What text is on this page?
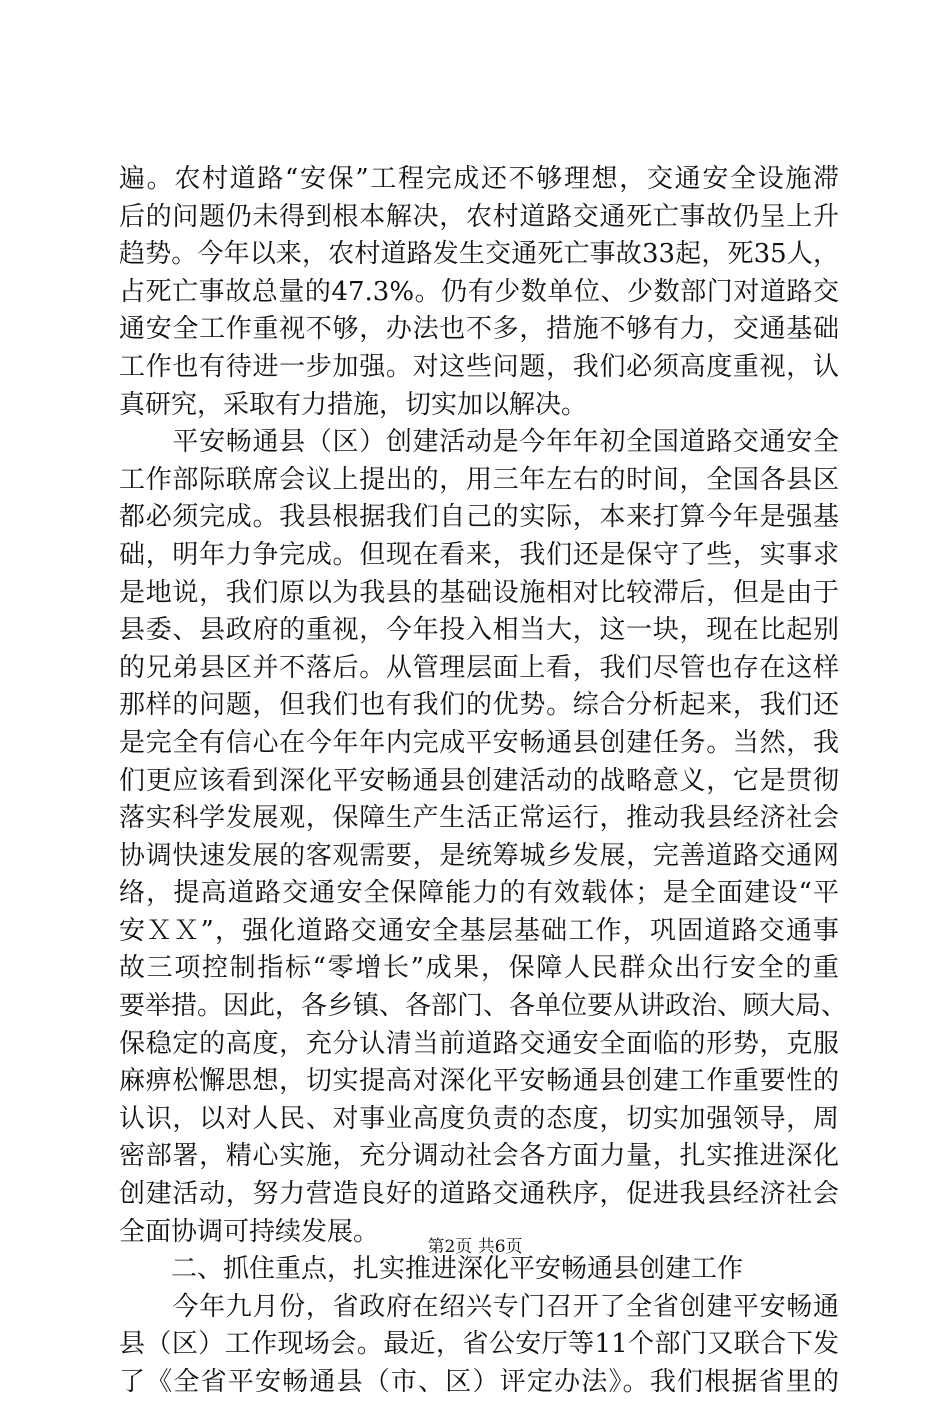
遍。农村道路“安保”工程完成还不够理想，交通安全设施滞
后的问题仍未得到根本解决，农村道路交通死亡事故仍呈上升
趋势。今年以来，农村道路发生交通死亡事故33起，死35人，
占死亡事故总量的47.3%。仍有少数单位、少数部门对道路交
通安全工作重视不够，办法也不多，措施不够有力，交通基础
工作也有待进一步加强。对这些问题，我们必须高度重视，认
真研究，采取有力措施，切实加以解决。
　　平安畅通县（区）创建活动是今年年初全国道路交通安全
工作部际联席会议上提出的，用三年左右的时间，全国各县区
都必须完成。我县根据我们自己的实际，本来打算今年是强基
础，明年力争完成。但现在看来，我们还是保守了些，实事求
是地说，我们原以为我县的基础设施相对比较滞后，但是由于
县委、县政府的重视，今年投入相当大，这一块，现在比起别
的兄弟县区并不落后。从管理层面上看，我们尽管也存在这样
那样的问题，但我们也有我们的优势。综合分析起来，我们还
是完全有信心在今年年内完成平安畅通县创建任务。当然，我
们更应该看到深化平安畅通县创建活动的战略意义，它是贯彻
落实科学发展观，保障生产生活正常运行，推动我县经济社会
协调快速发展的客观需要，是统筹城乡发展，完善道路交通网
络，提高道路交通安全保障能力的有效载体；是全面建设“平
安ＸＸ”，强化道路交通安全基层基础工作，巩固道路交通事
故三项控制指标“零增长”成果，保障人民群众出行安全的重
要举措。因此，各乡镇、各部门、各单位要从讲政治、顾大局、
保稳定的高度，充分认清当前道路交通安全面临的形势，克服
麻痹松懈思想，切实提高对深化平安畅通县创建工作重要性的
认识，以对人民、对事业高度负责的态度，切实加强领导，周
密部署，精心实施，充分调动社会各方面力量，扎实推进深化
创建活动，努力营造良好的道路交通秩序，促进我县经济社会
全面协调可持续发展。
　　二、抓住重点，扎实推进深化平安畅通县创建工作
　　今年九月份，省政府在绍兴专门召开了全省创建平安畅通
县（区）工作现场会。最近，省公安厅等11个部门又联合下发
了《全省平安畅通县（市、区）评定办法》。我们根据省里的
第2页 共6页
